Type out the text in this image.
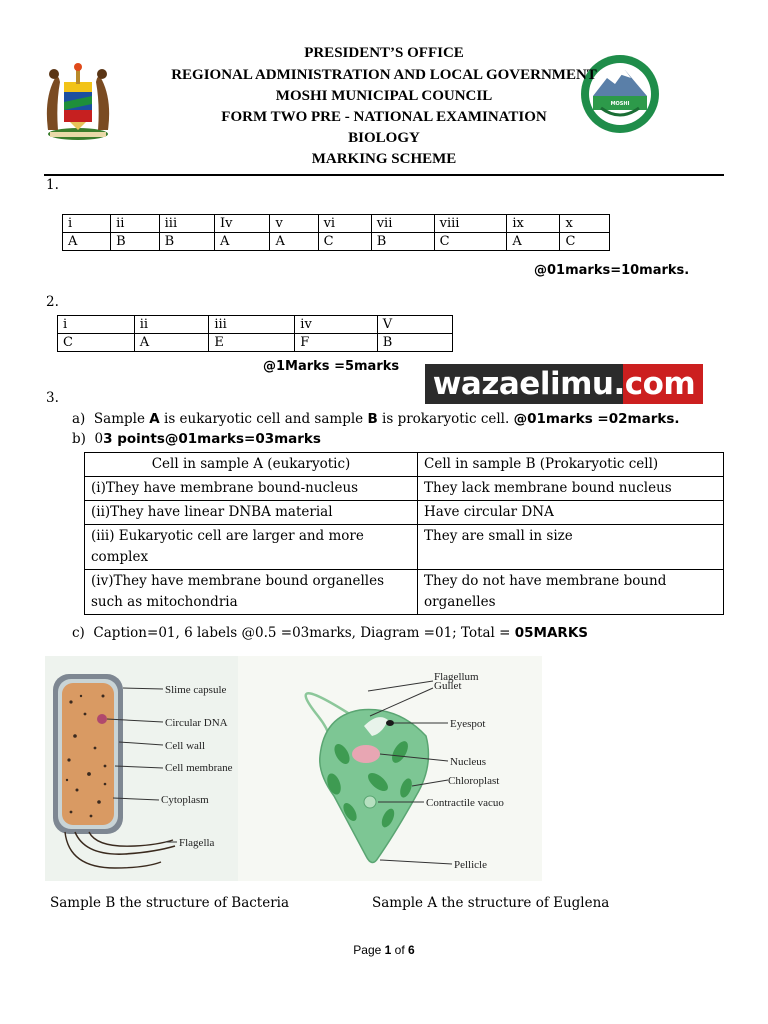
MOSHI
PRESIDENT’S OFFICE
REGIONAL ADMINISTRATION AND LOCAL GOVERNMENT
MOSHI MUNICIPAL COUNCIL
FORM TWO PRE - NATIONAL EXAMINATION
BIOLOGY
MARKING SCHEME
1.
i	ii	iii	Iv	v	vi	vii	viii	ix	x
A	B	B	A	A	C	B	C	A	C
@01marks=10marks.
2.
i	ii	iii	iv	V
C	A	E	F	B
@1Marks =5marks wazaelimu.com
3.
a) Sample A is eukaryotic cell and sample B is prokaryotic cell. @01marks =02marks.
b) 03 points@01marks=03marks
Cell in sample A (eukaryotic)	Cell in sample B (Prokaryotic cell)
(i)They have membrane bound-nucleus	They lack membrane bound nucleus
(ii)They have linear DNBA material	Have circular DNA
(iii) Eukaryotic cell are larger and more complex	They are small in size
(iv)They have membrane bound organelles such as mitochondria	They do not have membrane bound organelles
c) Caption=01, 6 labels @0.5 =03marks, Diagram =01; Total = 05MARKS
Slime capsule
Circular DNA
Cell wall
Cell membrane
Cytoplasm
Flagella
Flagellum
Gullet
Eyespot
Nucleus
Chloroplast
Contractile vacuo
Pellicle
Sample B the structure of Bacteria	Sample A the structure of Euglena
Page 1 of 6
